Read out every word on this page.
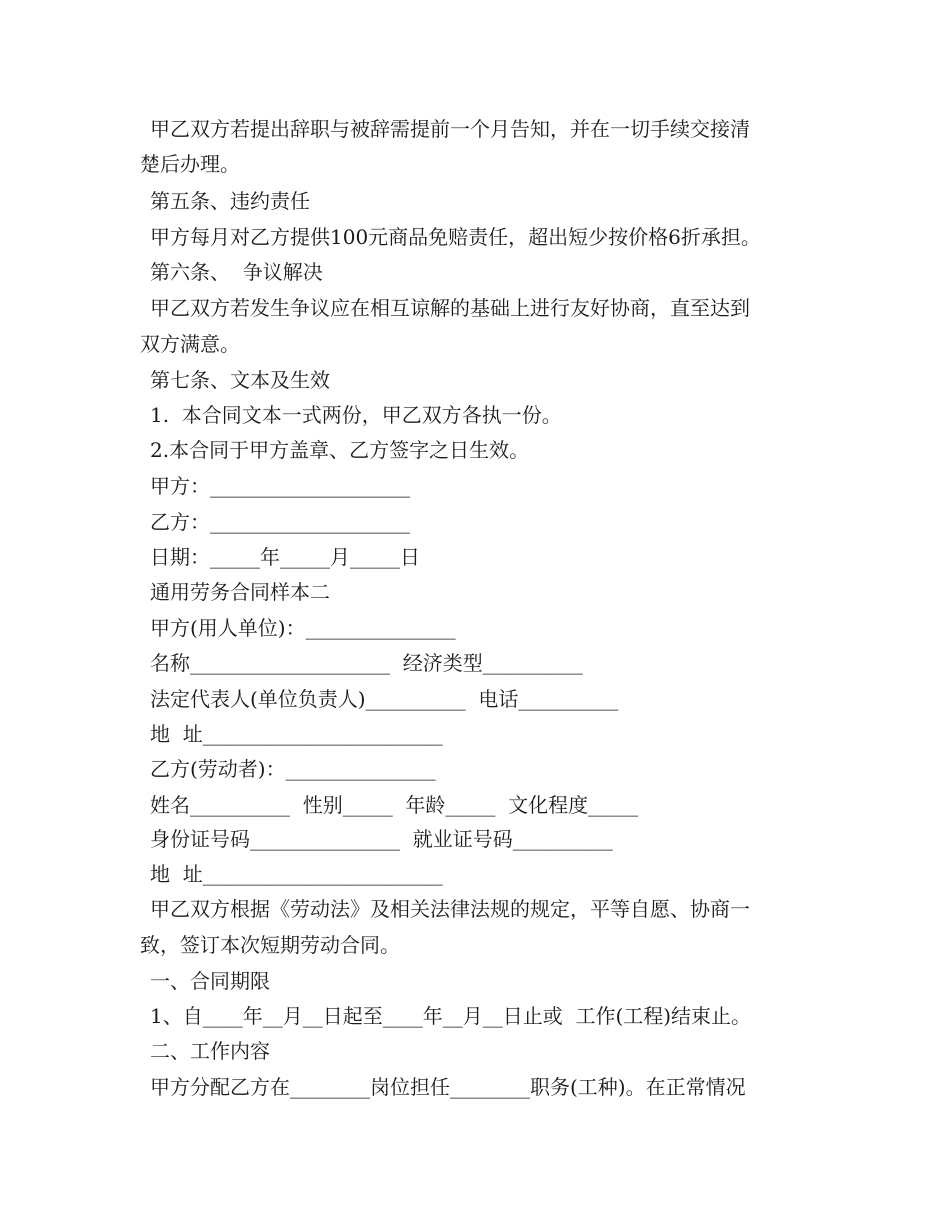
甲乙双方若提出辞职与被辞需提前一个月告知，并在一切手续交接清
楚后办理。
第五条、违约责任
甲方每月对乙方提供100元商品免赔责任，超出短少按价格6折承担。
第六条、  争议解决
甲乙双方若发生争议应在相互谅解的基础上进行友好协商，直至达到
双方满意。
第七条、文本及生效
1.  本合同文本一式两份，甲乙双方各执一份。
2.本合同于甲方盖章、乙方签字之日生效。
甲方：____________________
乙方：____________________
日期：_____年_____月_____日
通用劳务合同样本二
甲方(用人单位)：_______________
名称____________________  经济类型__________
法定代表人(单位负责人)__________  电话__________
地  址________________________
乙方(劳动者)：_______________
姓名__________  性别_____  年龄_____  文化程度_____
身份证号码_______________  就业证号码__________
地  址________________________
甲乙双方根据《劳动法》及相关法律法规的规定，平等自愿、协商一
致，签订本次短期劳动合同。
一、合同期限
1、自____年__月__日起至____年__月__日止或  工作(工程)结束止。
二、工作内容
甲方分配乙方在________岗位担任________职务(工种)。在正常情况
